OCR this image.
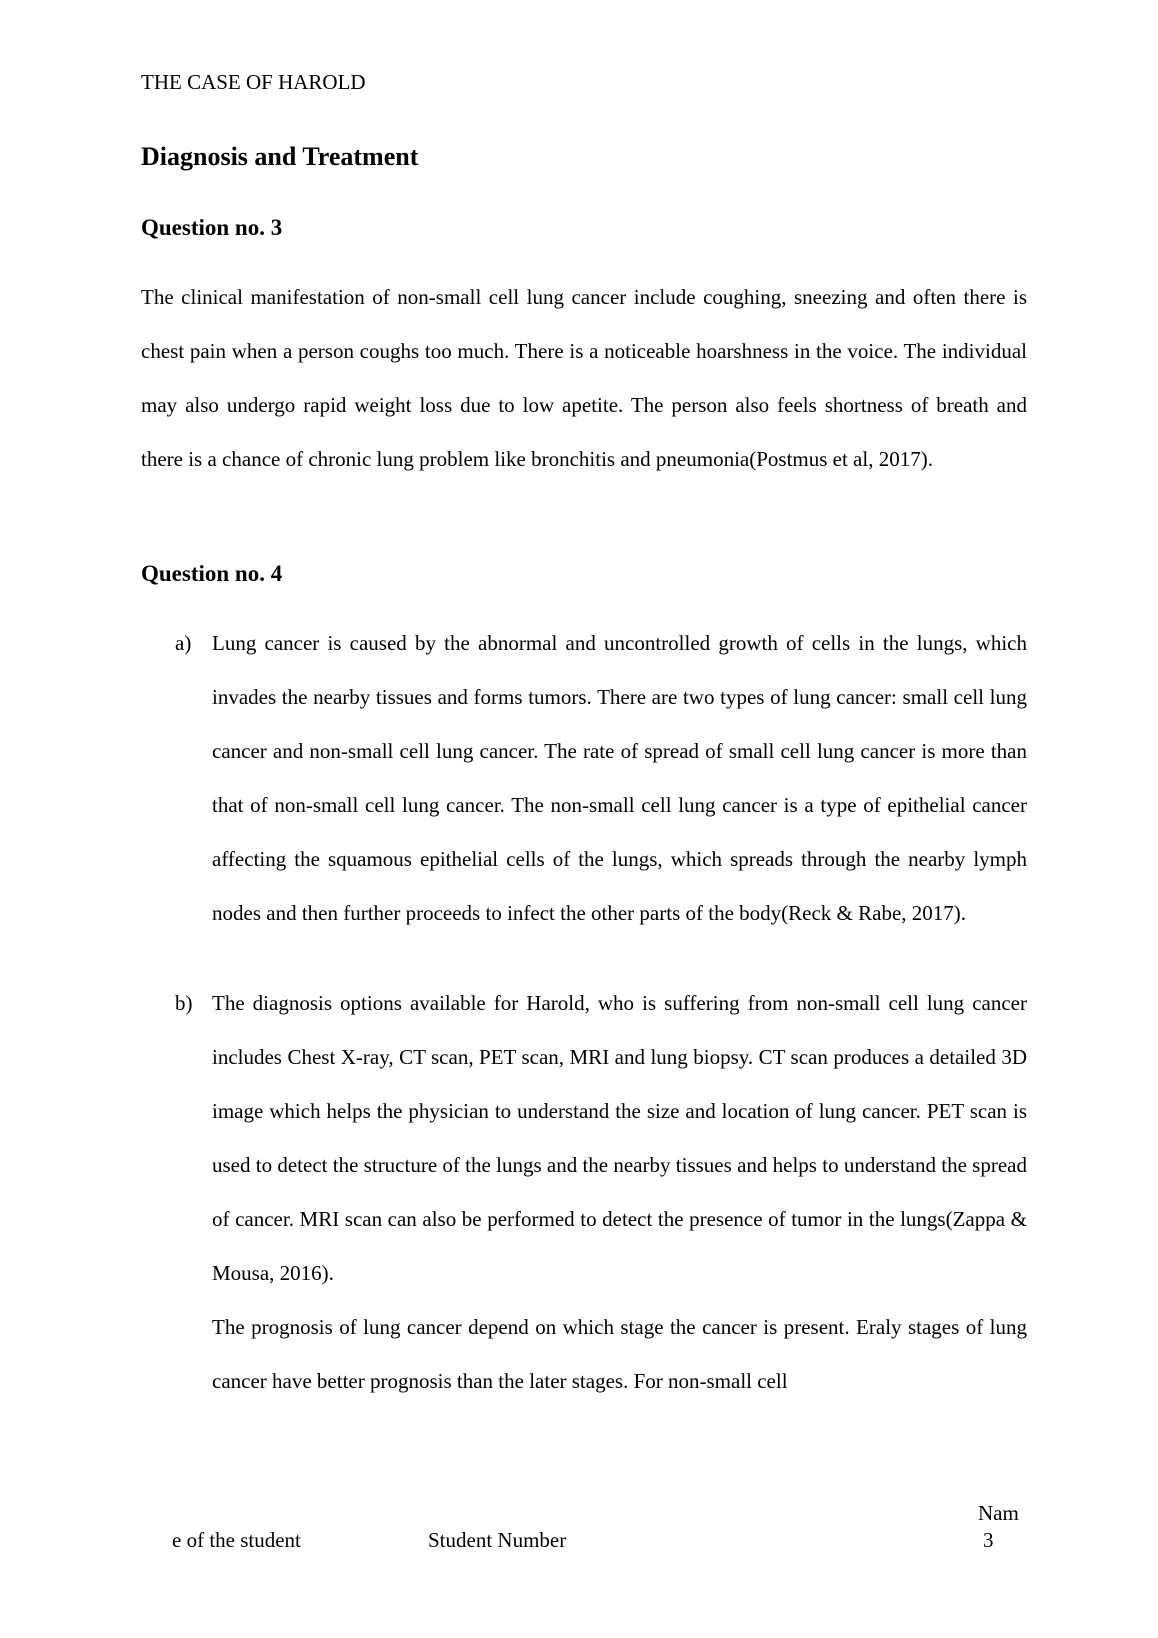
THE CASE OF HAROLD
Diagnosis and Treatment
Question no. 3
The clinical manifestation of non-small cell lung cancer include coughing, sneezing and often there is chest pain when a person coughs too much. There is a noticeable hoarshness in the voice. The individual may also undergo rapid weight loss due to low apetite. The person also feels shortness of breath and there is a chance of chronic lung problem like bronchitis and pneumonia(Postmus et al, 2017).
Question no. 4
a) Lung cancer is caused by the abnormal and uncontrolled growth of cells in the lungs, which invades the nearby tissues and forms tumors. There are two types of lung cancer: small cell lung cancer and non-small cell lung cancer. The rate of spread of small cell lung cancer is more than that of non-small cell lung cancer. The non-small cell lung cancer is a type of epithelial cancer affecting the squamous epithelial cells of the lungs, which spreads through the nearby lymph nodes and then further proceeds to infect the other parts of the body(Reck & Rabe, 2017).
b) The diagnosis options available for Harold, who is suffering from non-small cell lung cancer includes Chest X-ray, CT scan, PET scan, MRI and lung biopsy. CT scan produces a detailed 3D image which helps the physician to understand the size and location of lung cancer. PET scan is used to detect the structure of the lungs and the nearby tissues and helps to understand the spread of cancer. MRI scan can also be performed to detect the presence of tumor in the lungs(Zappa & Mousa, 2016).
The prognosis of lung cancer depend on which stage the cancer is present. Eraly stages of lung cancer have better prognosis than the later stages. For non-small cell
Nam
e of the student	Student Number	3
